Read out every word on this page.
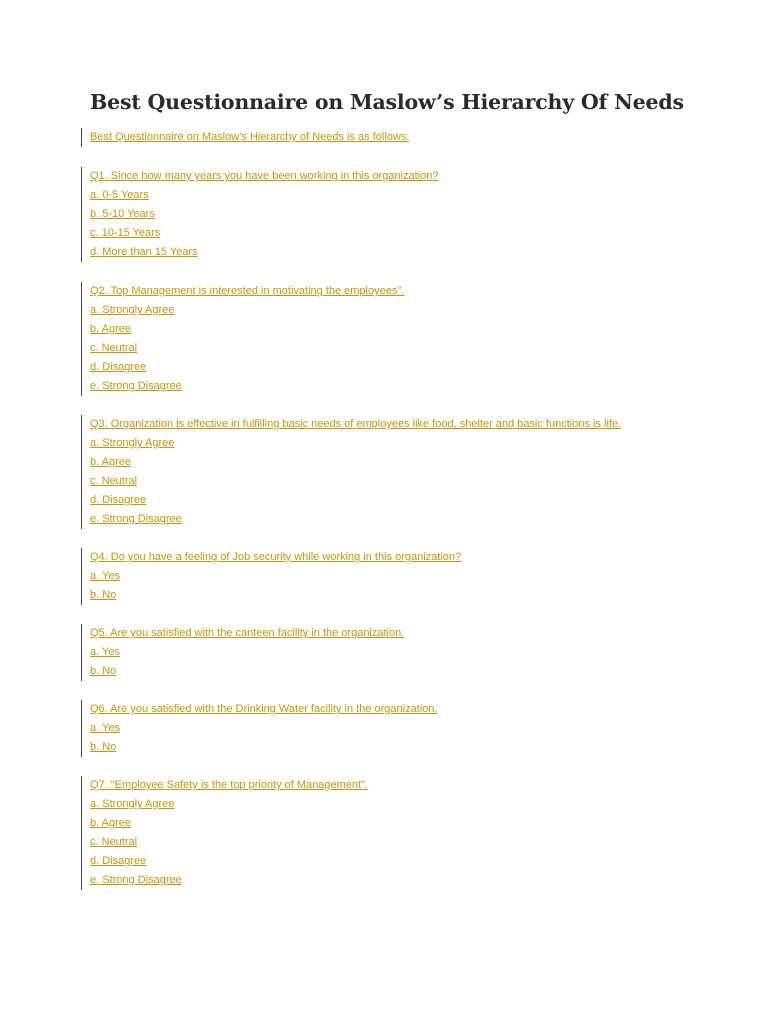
Best Questionnaire on Maslow’s Hierarchy Of Needs
Best Questionnaire on Maslow's Hierarchy of Needs is as follows:
Q1. Since how many years you have been working in this organization?
a. 0-5 Years
b. 5-10 Years
c. 10-15 Years
d. More than 15 Years
Q2. Top Management is interested in motivating the employees".
a. Strongly Agree
b. Agree
c. Neutral
d. Disagree
e. Strong Disagree
Q3. Organization is effective in fulfilling basic needs of employees like food, shelter and basic functions is life.
a. Strongly Agree
b. Agree
c. Neutral
d. Disagree
e. Strong Disagree
Q4. Do you have a feeling of Job security while working in this organization?
a. Yes
b. No
Q5. Are you satisfied with the canteen facility in the organization.
a. Yes
b. No
Q6. Are you satisfied with the Drinking Water facility in the organization.
a. Yes
b. No
Q7. "Employee Safety is the top priority of Management".
a. Strongly Agree
b. Agree
c. Neutral
d. Disagree
e. Strong Disagree
